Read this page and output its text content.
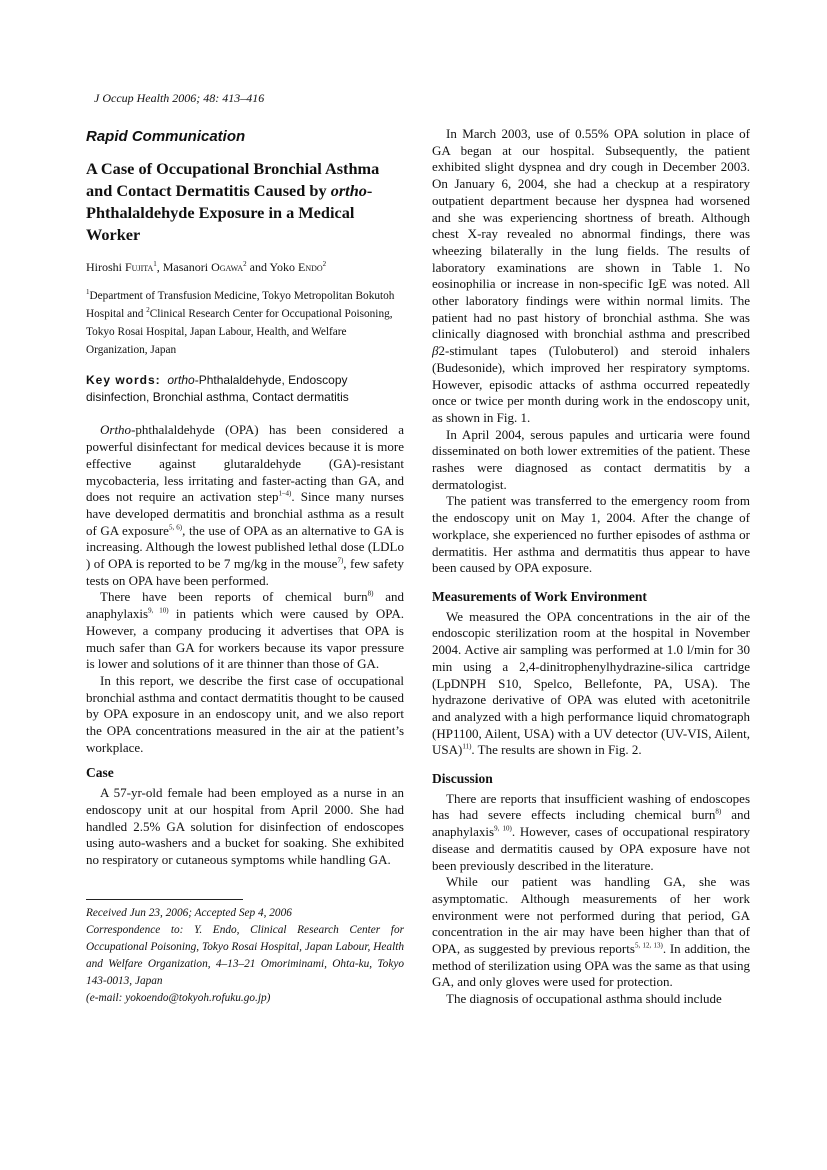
J Occup Health 2006; 48: 413–416
Rapid Communication
A Case of Occupational Bronchial Asthma and Contact Dermatitis Caused by ortho-Phthalaldehyde Exposure in a Medical Worker
Hiroshi Fujita$^1$, Masanori Ogawa$^2$ and Yoko Endo$^2$
$^1$Department of Transfusion Medicine, Tokyo Metropolitan Bokutoh Hospital and $^2$Clinical Research Center for Occupational Poisoning, Tokyo Rosai Hospital, Japan Labour, Health, and Welfare Organization, Japan
Key words: ortho-Phthalaldehyde, Endoscopy disinfection, Bronchial asthma, Contact dermatitis

Ortho-phthalaldehyde (OPA) has been considered a powerful disinfectant for medical devices because it is more effective against glutaraldehyde (GA)-resistant mycobacteria, less irritating and faster-acting than GA, and does not require an activation step$^{1-4)}$. Since many nurses have developed dermatitis and bronchial asthma as a result of GA exposure$^{5, 6)}$, the use of OPA as an alternative to GA is increasing. Although the lowest published lethal dose (LDLo ) of OPA is reported to be 7 mg/kg in the mouse$^{7)}$, few safety tests on OPA have been performed.

There have been reports of chemical burn$^{8)}$ and anaphylaxis$^{9, 10)}$ in patients which were caused by OPA. However, a company producing it advertises that OPA is much safer than GA for workers because its vapor pressure is lower and solutions of it are thinner than those of GA.

In this report, we describe the first case of occupational bronchial asthma and contact dermatitis thought to be caused by OPA exposure in an endoscopy unit, and we also report the OPA concentrations measured in the air at the patient’s workplace.

Case

A 57-yr-old female had been employed as a nurse in an endoscopy unit at our hospital from April 2000. She had handled 2.5% GA solution for disinfection of endoscopes using auto-washers and a bucket for soaking. She exhibited no respiratory or cutaneous symptoms while handling GA.

Received Jun 23, 2006; Accepted Sep 4, 2006
Correspondence to: Y. Endo, Clinical Research Center for Occupational Poisoning, Tokyo Rosai Hospital, Japan Labour, Health and Welfare Organization, 4–13–21 Omoriminami, Ohta-ku, Tokyo 143-0013, Japan
(e-mail: yokoendo@tokyoh.rofuku.go.jp)

In March 2003, use of 0.55% OPA solution in place of GA began at our hospital. Subsequently, the patient exhibited slight dyspnea and dry cough in December 2003. On January 6, 2004, she had a checkup at a respiratory outpatient department because her dyspnea had worsened and she was experiencing shortness of breath. Although chest X-ray revealed no abnormal findings, there was wheezing bilaterally in the lung fields. The results of laboratory examinations are shown in Table 1. No eosinophilia or increase in non-specific IgE was noted. All other laboratory findings were within normal limits. The patient had no past history of bronchial asthma. She was clinically diagnosed with bronchial asthma and prescribed β2-stimulant tapes (Tulobuterol) and steroid inhalers (Budesonide), which improved her respiratory symptoms. However, episodic attacks of asthma occurred repeatedly once or twice per month during work in the endoscopy unit, as shown in Fig. 1.

In April 2004, serous papules and urticaria were found disseminated on both lower extremities of the patient. These rashes were diagnosed as contact dermatitis by a dermatologist.

The patient was transferred to the emergency room from the endoscopy unit on May 1, 2004. After the change of workplace, she experienced no further episodes of asthma or dermatitis. Her asthma and dermatitis thus appear to have been caused by OPA exposure.

Measurements of Work Environment

We measured the OPA concentrations in the air of the endoscopic sterilization room at the hospital in November 2004. Active air sampling was performed at 1.0 l/min for 30 min using a 2,4-dinitrophenylhydrazine-silica cartridge (LpDNPH S10, Spelco, Bellefonte, PA, USA). The hydrazone derivative of OPA was eluted with acetonitrile and analyzed with a high performance liquid chromatograph (HP1100, Ailent, USA) with a UV detector (UV-VIS, Ailent, USA)$^{11)}$. The results are shown in Fig. 2.

Discussion

There are reports that insufficient washing of endoscopes has had severe effects including chemical burn$^{8)}$ and anaphylaxis$^{9, 10)}$. However, cases of occupational respiratory disease and dermatitis caused by OPA exposure have not been previously described in the literature.

While our patient was handling GA, she was asymptomatic. Although measurements of her work environment were not performed during that period, GA concentration in the air may have been higher than that of OPA, as suggested by previous reports$^{5, 12, 13)}$. In addition, the method of sterilization using OPA was the same as that using GA, and only gloves were used for protection.

The diagnosis of occupational asthma should include
